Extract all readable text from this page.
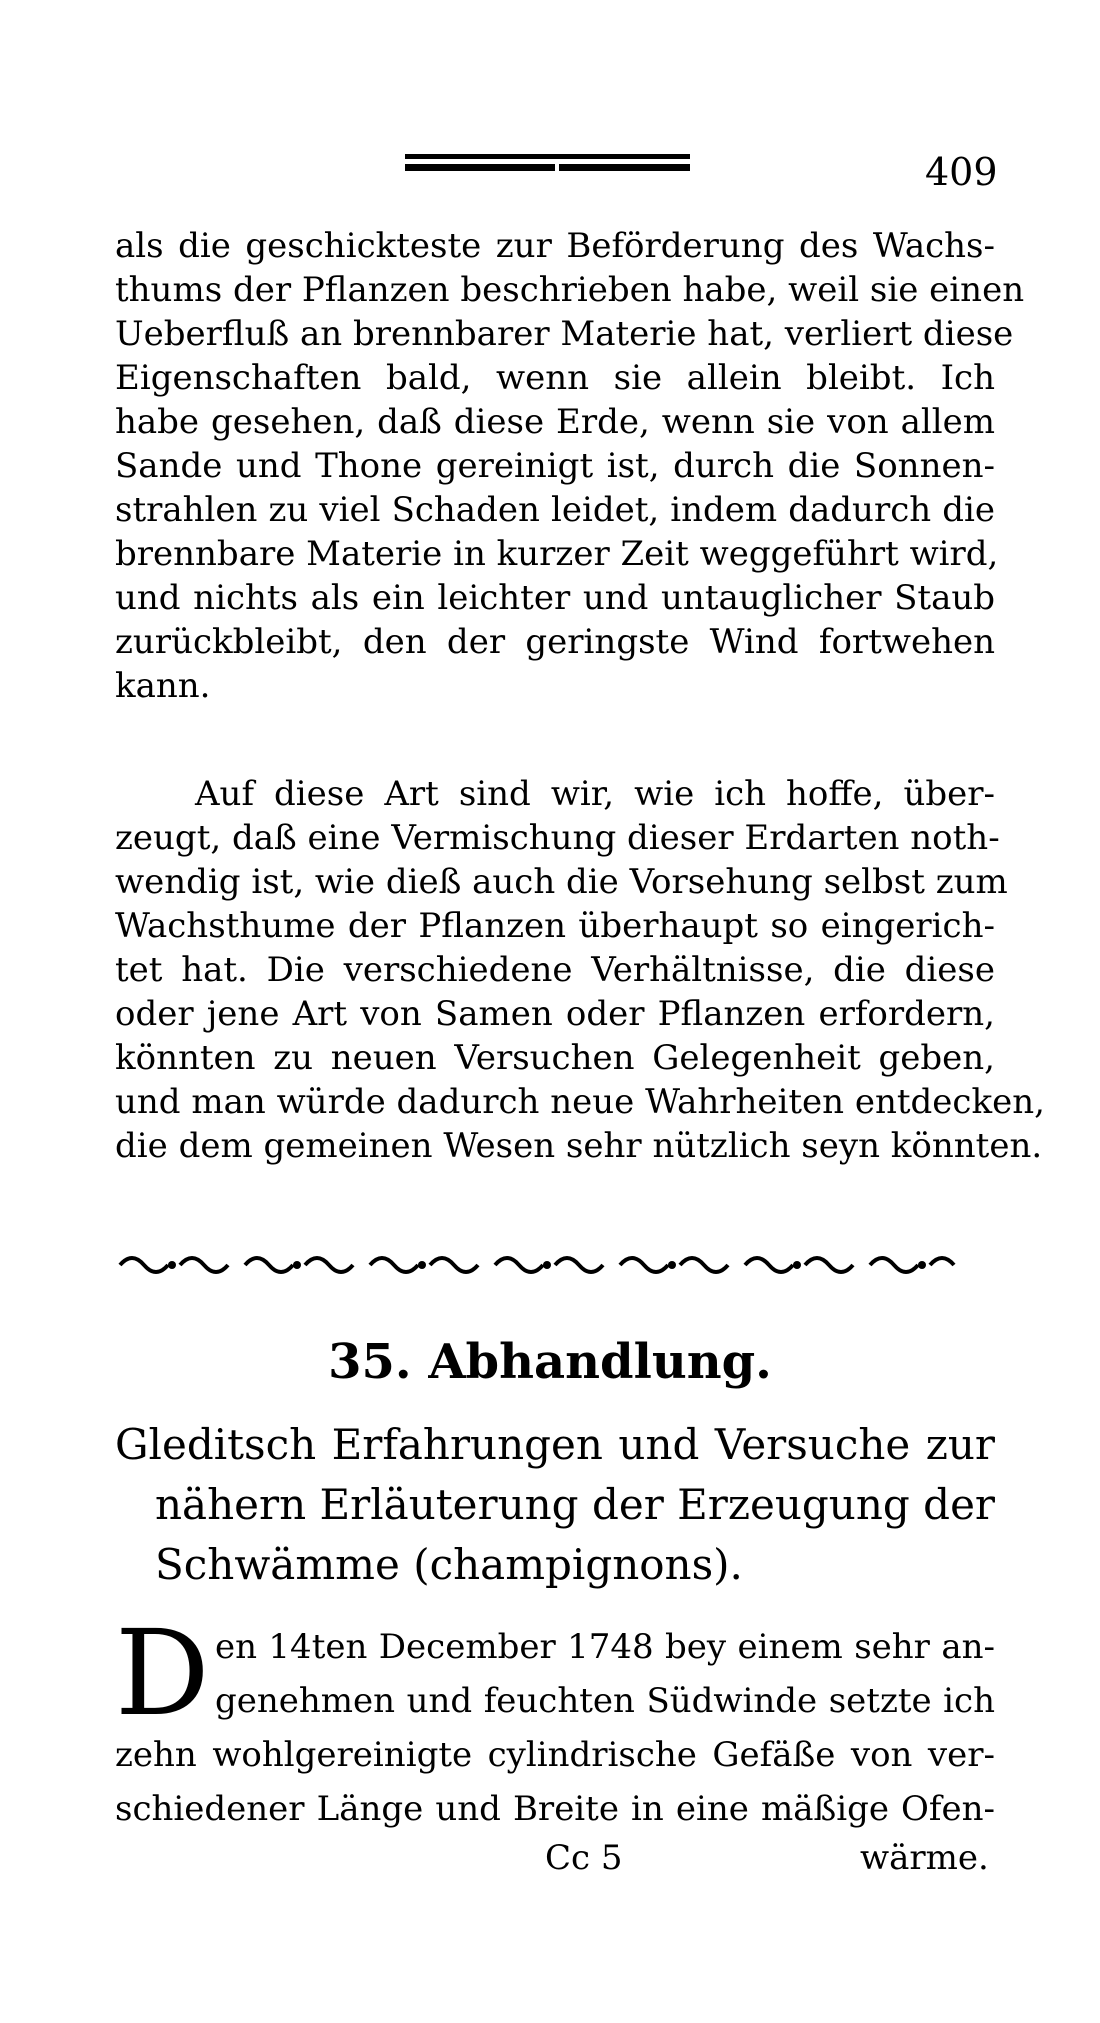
409
als die geschickteste zur Beförderung des Wachs-
thums der Pflanzen beschrieben habe, weil sie einen
Ueberfluß an brennbarer Materie hat, verliert diese
Eigenschaften bald, wenn sie allein bleibt. Ich
habe gesehen, daß diese Erde, wenn sie von allem
Sande und Thone gereinigt ist, durch die Sonnen-
strahlen zu viel Schaden leidet, indem dadurch die
brennbare Materie in kurzer Zeit weggeführt wird,
und nichts als ein leichter und untauglicher Staub
zurückbleibt, den der geringste Wind fortwehen
kann.
Auf diese Art sind wir, wie ich hoffe, über-
zeugt, daß eine Vermischung dieser Erdarten noth-
wendig ist, wie dieß auch die Vorsehung selbst zum
Wachsthume der Pflanzen überhaupt so eingerich-
tet hat. Die verschiedene Verhältnisse, die diese
oder jene Art von Samen oder Pflanzen erfordern,
könnten zu neuen Versuchen Gelegenheit geben,
und man würde dadurch neue Wahrheiten entdecken,
die dem gemeinen Wesen sehr nützlich seyn könnten.
35. Abhandlung.
Gleditsch Erfahrungen und Versuche zur
nähern Erläuterung der Erzeugung der
Schwämme (champignons).
D en 14ten December 1748 bey einem sehr an-
genehmen und feuchten Südwinde setzte ich
zehn wohlgereinigte cylindrische Gefäße von ver-
schiedener Länge und Breite in eine mäßige Ofen-
Cc 5	wärme.
